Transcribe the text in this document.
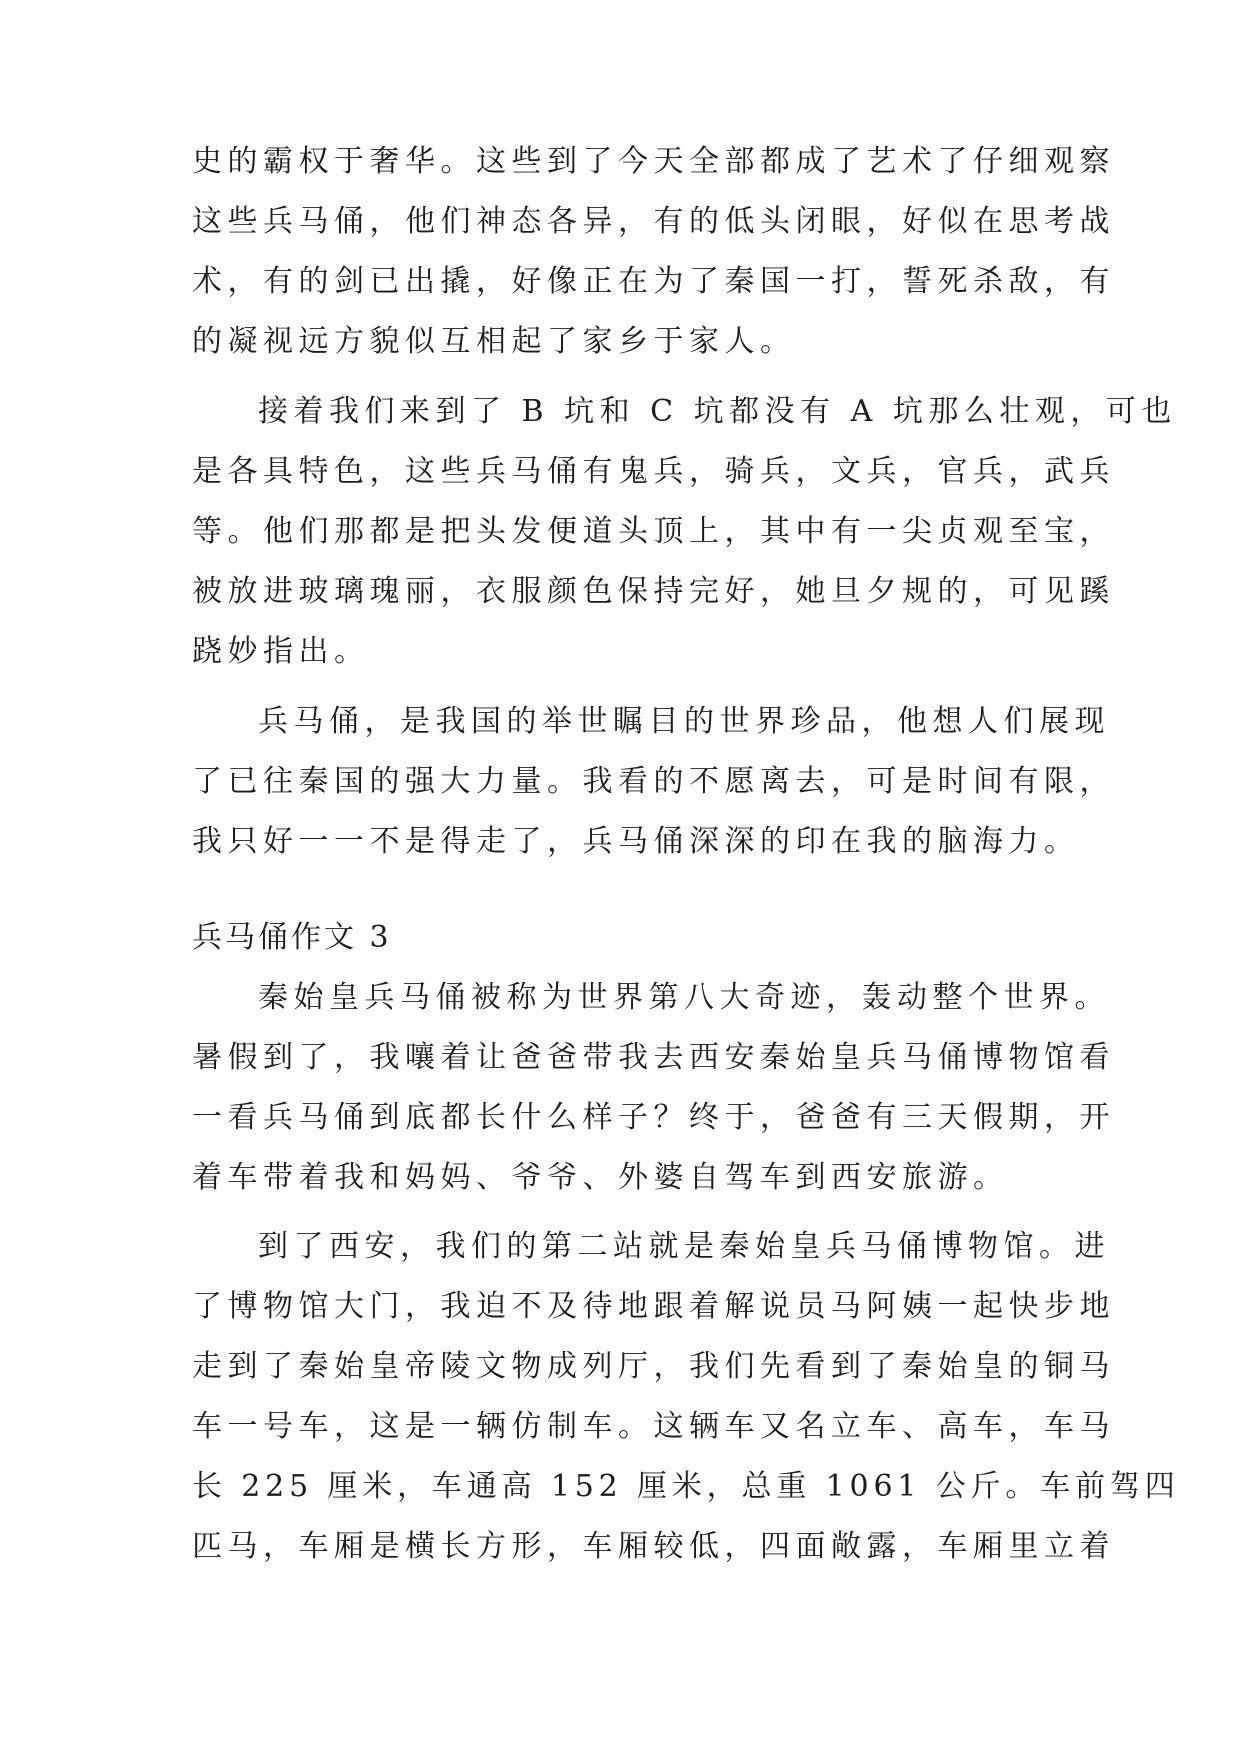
史的霸权于奢华。这些到了今天全部都成了艺术了仔细观察
这些兵马俑，他们神态各异，有的低头闭眼，好似在思考战
术，有的剑已出撬，好像正在为了秦国一打，誓死杀敌，有
的凝视远方貌似互相起了家乡于家人。
接着我们来到了 B 坑和 C 坑都没有 A 坑那么壮观，可也
是各具特色，这些兵马俑有鬼兵，骑兵，文兵，官兵，武兵
等。他们那都是把头发便道头顶上，其中有一尖贞观至宝，
被放进玻璃瑰丽，衣服颜色保持完好，她旦夕规的，可见蹊
跷妙指出。
兵马俑，是我国的举世瞩目的世界珍品，他想人们展现
了已往秦国的强大力量。我看的不愿离去，可是时间有限，
我只好一一不是得走了，兵马俑深深的印在我的脑海力。
兵马俑作文 3
秦始皇兵马俑被称为世界第八大奇迹，轰动整个世界。
暑假到了，我嚷着让爸爸带我去西安秦始皇兵马俑博物馆看
一看兵马俑到底都长什么样子？终于，爸爸有三天假期，开
着车带着我和妈妈、爷爷、外婆自驾车到西安旅游。
到了西安，我们的第二站就是秦始皇兵马俑博物馆。进
了博物馆大门，我迫不及待地跟着解说员马阿姨一起快步地
走到了秦始皇帝陵文物成列厅，我们先看到了秦始皇的铜马
车一号车，这是一辆仿制车。这辆车又名立车、高车，车马
长 225 厘米，车通高 152 厘米，总重 1061 公斤。车前驾四
匹马，车厢是横长方形，车厢较低，四面敞露，车厢里立着
